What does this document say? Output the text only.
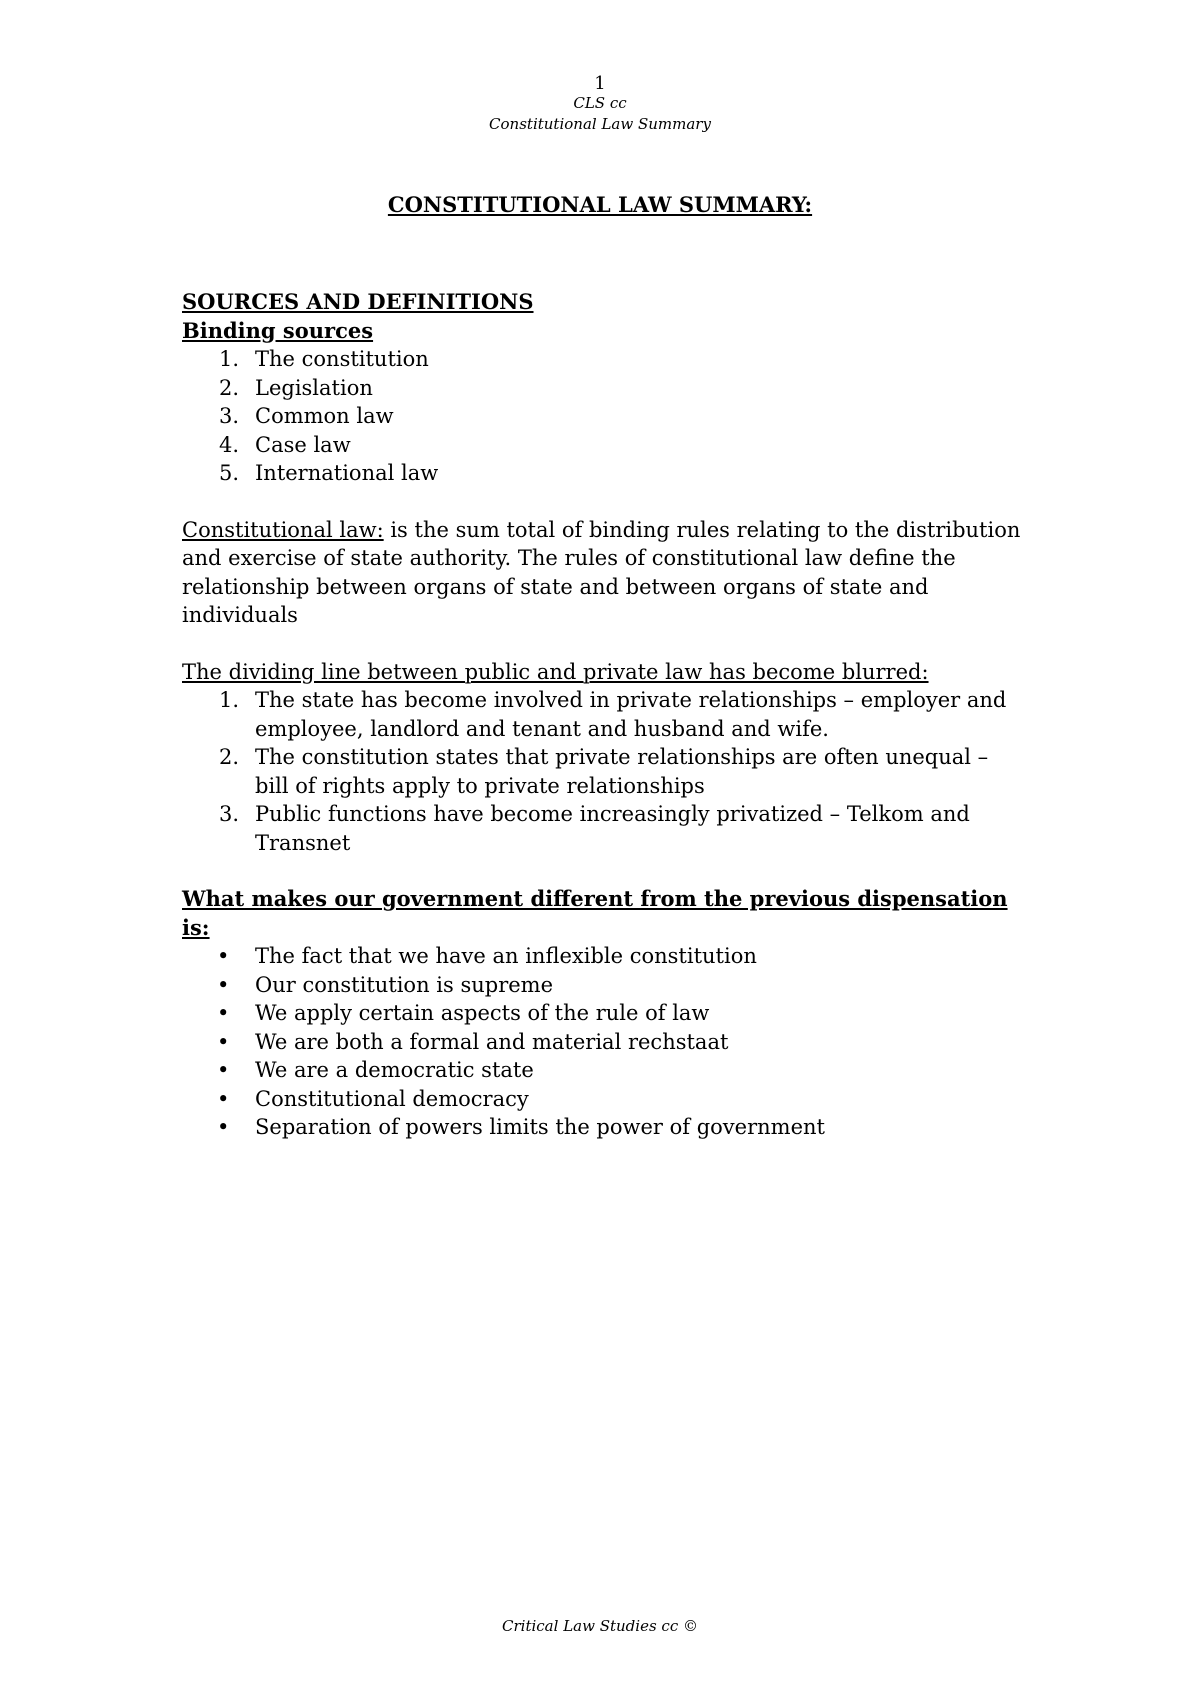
1
CLS cc
Constitutional Law Summary
CONSTITUTIONAL LAW SUMMARY:
SOURCES AND DEFINITIONS
Binding sources
1. The constitution
2. Legislation
3. Common law
4. Case law
5. International law

Constitutional law: is the sum total of binding rules relating to the distribution and exercise of state authority. The rules of constitutional law define the relationship between organs of state and between organs of state and individuals

The dividing line between public and private law has become blurred:
1. The state has become involved in private relationships – employer and employee, landlord and tenant and husband and wife.
2. The constitution states that private relationships are often unequal – bill of rights apply to private relationships
3. Public functions have become increasingly privatized – Telkom and Transnet
What makes our government different from the previous dispensation is:
•	The fact that we have an inflexible constitution
•	Our constitution is supreme
•	We apply certain aspects of the rule of law
•	We are both a formal and material rechstaat
•	We are a democratic state
•	Constitutional democracy
•	Separation of powers limits the power of government
Critical Law Studies cc ©
